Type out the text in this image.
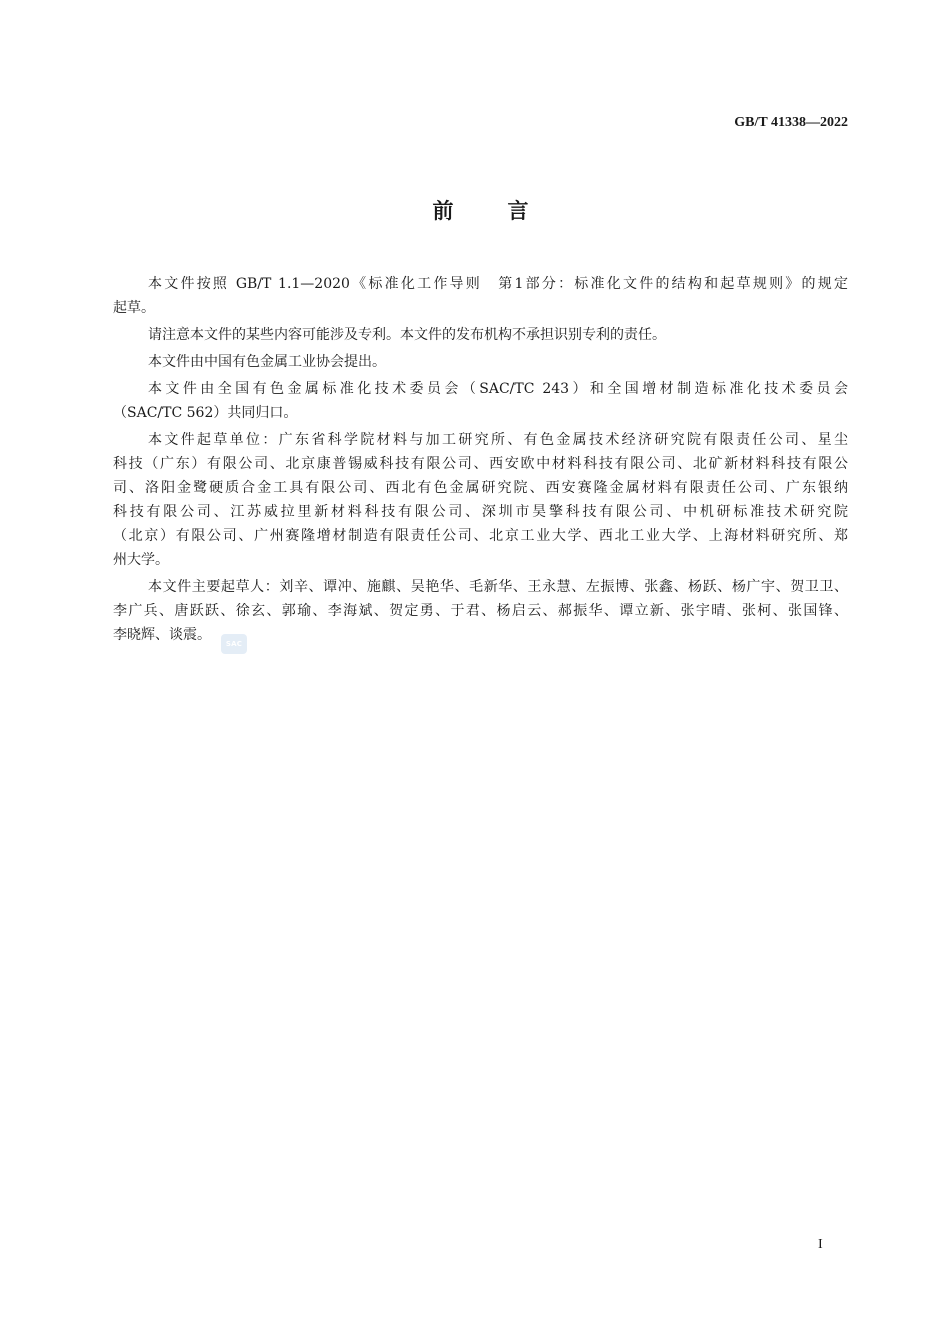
GB/T 41338—2022
前言
本文件按照 GB/T 1.1—2020《标准化工作导则　第1部分：标准化文件的结构和起草规则》的规定
起草。
请注意本文件的某些内容可能涉及专利。本文件的发布机构不承担识别专利的责任。
本文件由中国有色金属工业协会提出。
本文件由全国有色金属标准化技术委员会（SAC/TC 243）和全国增材制造标准化技术委员会
（SAC/TC 562）共同归口。
本文件起草单位：广东省科学院材料与加工研究所、有色金属技术经济研究院有限责任公司、星尘
科技（广东）有限公司、北京康普锡威科技有限公司、西安欧中材料科技有限公司、北矿新材料科技有限公
司、洛阳金鹭硬质合金工具有限公司、西北有色金属研究院、西安赛隆金属材料有限责任公司、广东银纳
科技有限公司、江苏威拉里新材料科技有限公司、深圳市昊擎科技有限公司、中机研标准技术研究院
（北京）有限公司、广州赛隆增材制造有限责任公司、北京工业大学、西北工业大学、上海材料研究所、郑
州大学。
本文件主要起草人：刘辛、谭冲、施麒、吴艳华、毛新华、王永慧、左振博、张鑫、杨跃、杨广宇、贺卫卫、
李广兵、唐跃跃、徐玄、郭瑜、李海斌、贺定勇、于君、杨启云、郝振华、谭立新、张宇晴、张柯、张国锋、
李晓辉、谈震。
SAC
I
